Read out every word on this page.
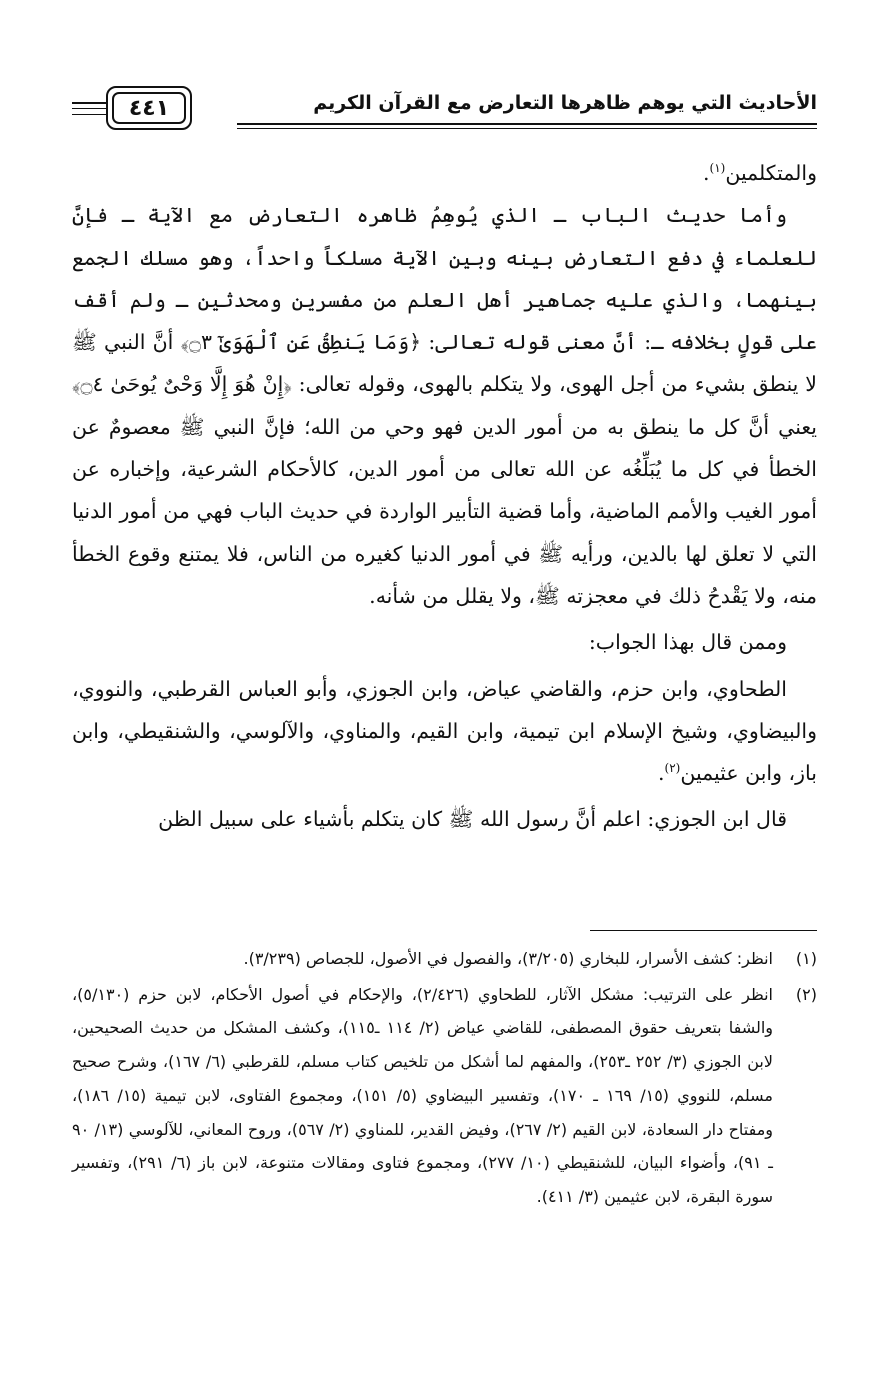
٤٤١	الأحاديث التي يوهم ظاهرها التعارض مع القرآن الكريم

والمتكلمين$^{(١)}$.

وأما حديث الباب ـ الذي يُوهِمُ ظاهره التعارض مع الآية ـ فإنَّ للعلماء في دفع التعارض بينه وبين الآية مسلكاً واحداً، وهو مسلك الجمع بينهما، والذي عليه جماهير أهل العلم من مفسرين ومحدثين ـ ولم أقف على قولٍ بخلافه ـ: أنَّ معنى قوله تعالى: ﴿وَمَا يَنطِقُ عَنِ ٱلْهَوَىٰٓ ۝٣﴾ أنَّ النبي ﷺ لا ينطق بشيء من أجل الهوى، ولا يتكلم بالهوى، وقوله تعالى: ﴿إِنْ هُوَ إِلَّا وَحْىٌ يُوحَىٰ ۝٤﴾ يعني أنَّ كل ما ينطق به من أمور الدين فهو وحي من الله؛ فإنَّ النبي ﷺ معصومٌ عن الخطأ في كل ما يُبَلِّغُه عن الله تعالى من أمور الدين، كالأحكام الشرعية، وإخباره عن أمور الغيب والأمم الماضية، وأما قضية التأبير الواردة في حديث الباب فهي من أمور الدنيا التي لا تعلق لها بالدين، ورأيه ﷺ في أمور الدنيا كغيره من الناس، فلا يمتنع وقوع الخطأ منه، ولا يَقْدحُ ذلك في معجزته ﷺ، ولا يقلل من شأنه.

وممن قال بهذا الجواب:

الطحاوي، وابن حزم، والقاضي عياض، وابن الجوزي، وأبو العباس القرطبي، والنووي، والبيضاوي، وشيخ الإسلام ابن تيمية، وابن القيم، والمناوي، والآلوسي، والشنقيطي، وابن باز، وابن عثيمين$^{(٢)}$.

قال ابن الجوزي: اعلم أنَّ رسول الله ﷺ كان يتكلم بأشياء على سبيل الظن

(١)
انظر: كشف الأسرار، للبخاري (٣/٢٠٥)، والفصول في الأصول، للجصاص (٣/٢٣٩).
(٢)
انظر على الترتيب: مشكل الآثار، للطحاوي (٢/٤٢٦)، والإحكام في أصول الأحكام، لابن حزم (٥/١٣٠)، والشفا بتعريف حقوق المصطفى، للقاضي عياض (٢/ ١١٤ ـ١١٥)، وكشف المشكل من حديث الصحيحين، لابن الجوزي (٣/ ٢٥٢ ـ٢٥٣)، والمفهم لما أشكل من تلخيص كتاب مسلم، للقرطبي (٦/ ١٦٧)، وشرح صحيح مسلم، للنووي (١٥/ ١٦٩ ـ ١٧٠)، وتفسير البيضاوي (٥/ ١٥١)، ومجموع الفتاوى، لابن تيمية (١٥/ ١٨٦)، ومفتاح دار السعادة، لابن القيم (٢/ ٢٦٧)، وفيض القدير، للمناوي (٢/ ٥٦٧)، وروح المعاني، للآلوسي (١٣/ ٩٠ ـ ٩١)، وأضواء البيان، للشنقيطي (١٠/ ٢٧٧)، ومجموع فتاوى ومقالات متنوعة، لابن باز (٦/ ٢٩١)، وتفسير سورة البقرة، لابن عثيمين (٣/ ٤١١).
